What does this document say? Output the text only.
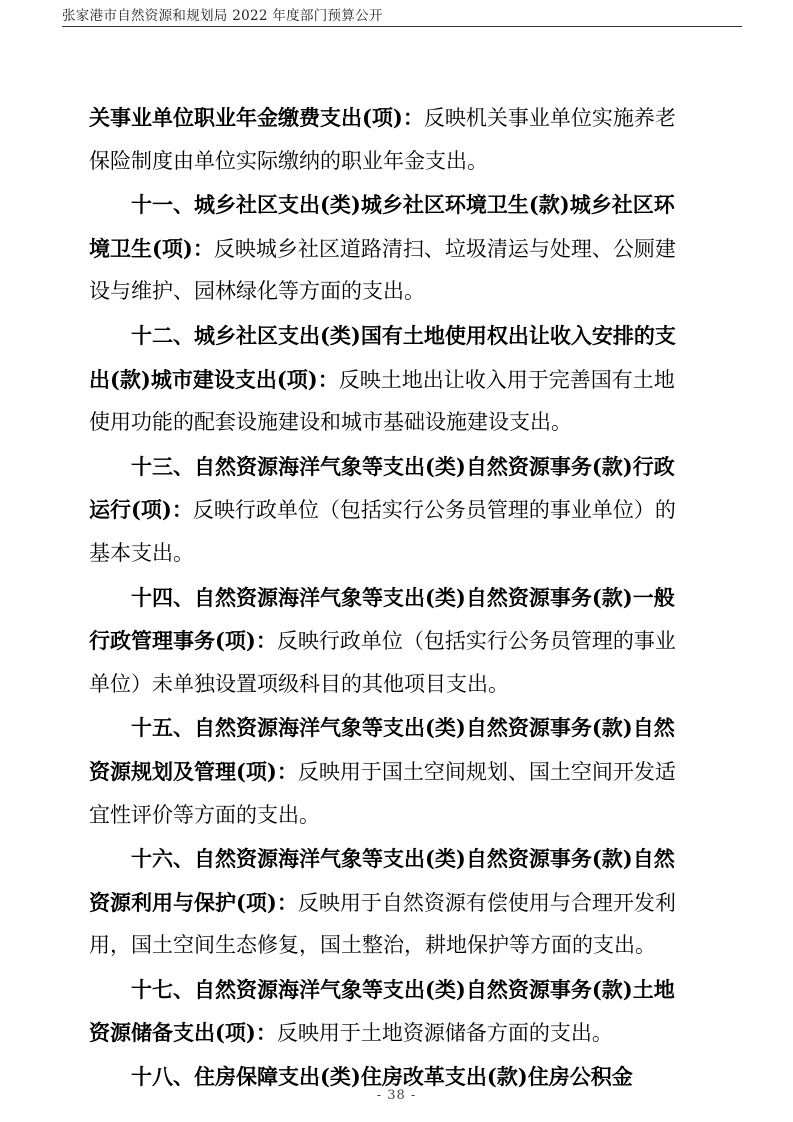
张家港市自然资源和规划局 2022 年度部门预算公开
关事业单位职业年金缴费支出(项)：反映机关事业单位实施养老
保险制度由单位实际缴纳的职业年金支出。
　　十一、城乡社区支出(类)城乡社区环境卫生(款)城乡社区环
境卫生(项)：反映城乡社区道路清扫、垃圾清运与处理、公厕建
设与维护、园林绿化等方面的支出。
　　十二、城乡社区支出(类)国有土地使用权出让收入安排的支
出(款)城市建设支出(项)：反映土地出让收入用于完善国有土地
使用功能的配套设施建设和城市基础设施建设支出。
　　十三、自然资源海洋气象等支出(类)自然资源事务(款)行政
运行(项)：反映行政单位（包括实行公务员管理的事业单位）的
基本支出。
　　十四、自然资源海洋气象等支出(类)自然资源事务(款)一般
行政管理事务(项)：反映行政单位（包括实行公务员管理的事业
单位）未单独设置项级科目的其他项目支出。
　　十五、自然资源海洋气象等支出(类)自然资源事务(款)自然
资源规划及管理(项)：反映用于国土空间规划、国土空间开发适
宜性评价等方面的支出。
　　十六、自然资源海洋气象等支出(类)自然资源事务(款)自然
资源利用与保护(项)：反映用于自然资源有偿使用与合理开发利
用，国土空间生态修复，国土整治，耕地保护等方面的支出。
　　十七、自然资源海洋气象等支出(类)自然资源事务(款)土地
资源储备支出(项)：反映用于土地资源储备方面的支出。
　　十八、住房保障支出(类)住房改革支出(款)住房公积金
- 38 -
